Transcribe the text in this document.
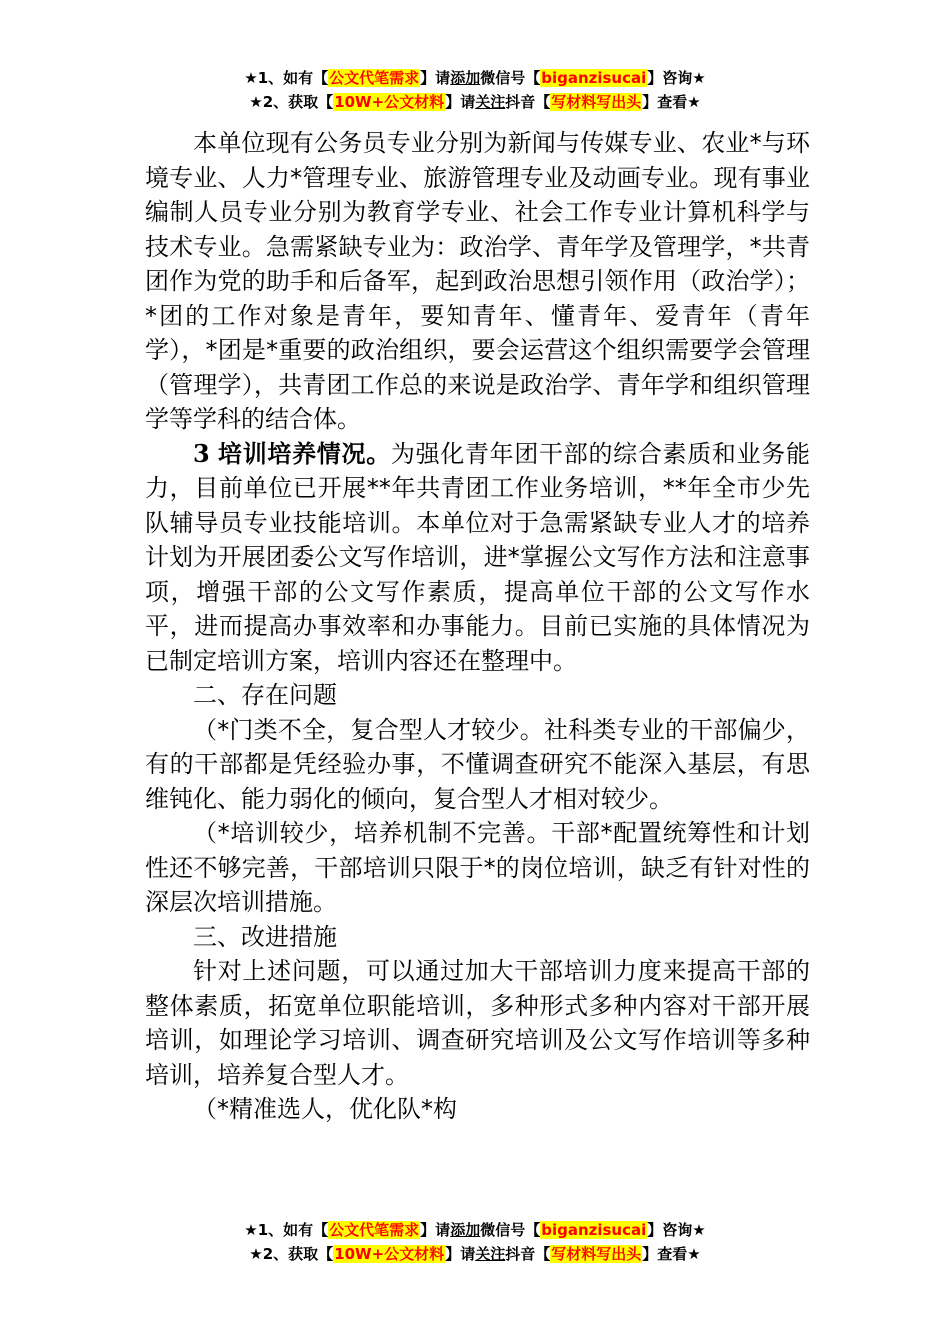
★1、如有【公文代笔需求】请添加微信号【biganzisucai】咨询★
★2、获取【10W+公文材料】请关注抖音【写材料写出头】查看★

本单位现有公务员专业分别为新闻与传媒专业、农业*与环境专业、人力*管理专业、旅游管理专业及动画专业。现有事业编制人员专业分别为教育学专业、社会工作专业计算机科学与技术专业。急需紧缺专业为：政治学、青年学及管理学，*共青团作为党的助手和后备军，起到政治思想引领作用（政治学）；*团的工作对象是青年，要知青年、懂青年、爱青年（青年学），*团是*重要的政治组织，要会运营这个组织需要学会管理（管理学），共青团工作总的来说是政治学、青年学和组织管理学等学科的结合体。

3 培训培养情况。为强化青年团干部的综合素质和业务能力，目前单位已开展**年共青团工作业务培训，**年全市少先队辅导员专业技能培训。本单位对于急需紧缺专业人才的培养计划为开展团委公文写作培训，进*掌握公文写作方法和注意事项，增强干部的公文写作素质，提高单位干部的公文写作水平，进而提高办事效率和办事能力。目前已实施的具体情况为已制定培训方案，培训内容还在整理中。

二、存在问题

（*门类不全，复合型人才较少。社科类专业的干部偏少，有的干部都是凭经验办事，不懂调查研究不能深入基层，有思维钝化、能力弱化的倾向，复合型人才相对较少。

（*培训较少，培养机制不完善。干部*配置统筹性和计划性还不够完善，干部培训只限于*的岗位培训，缺乏有针对性的深层次培训措施。

三、改进措施

针对上述问题，可以通过加大干部培训力度来提高干部的整体素质，拓宽单位职能培训，多种形式多种内容对干部开展培训，如理论学习培训、调查研究培训及公文写作培训等多种培训，培养复合型人才。

（*精准选人，优化队*构

★1、如有【公文代笔需求】请添加微信号【biganzisucai】咨询★
★2、获取【10W+公文材料】请关注抖音【写材料写出头】查看★
